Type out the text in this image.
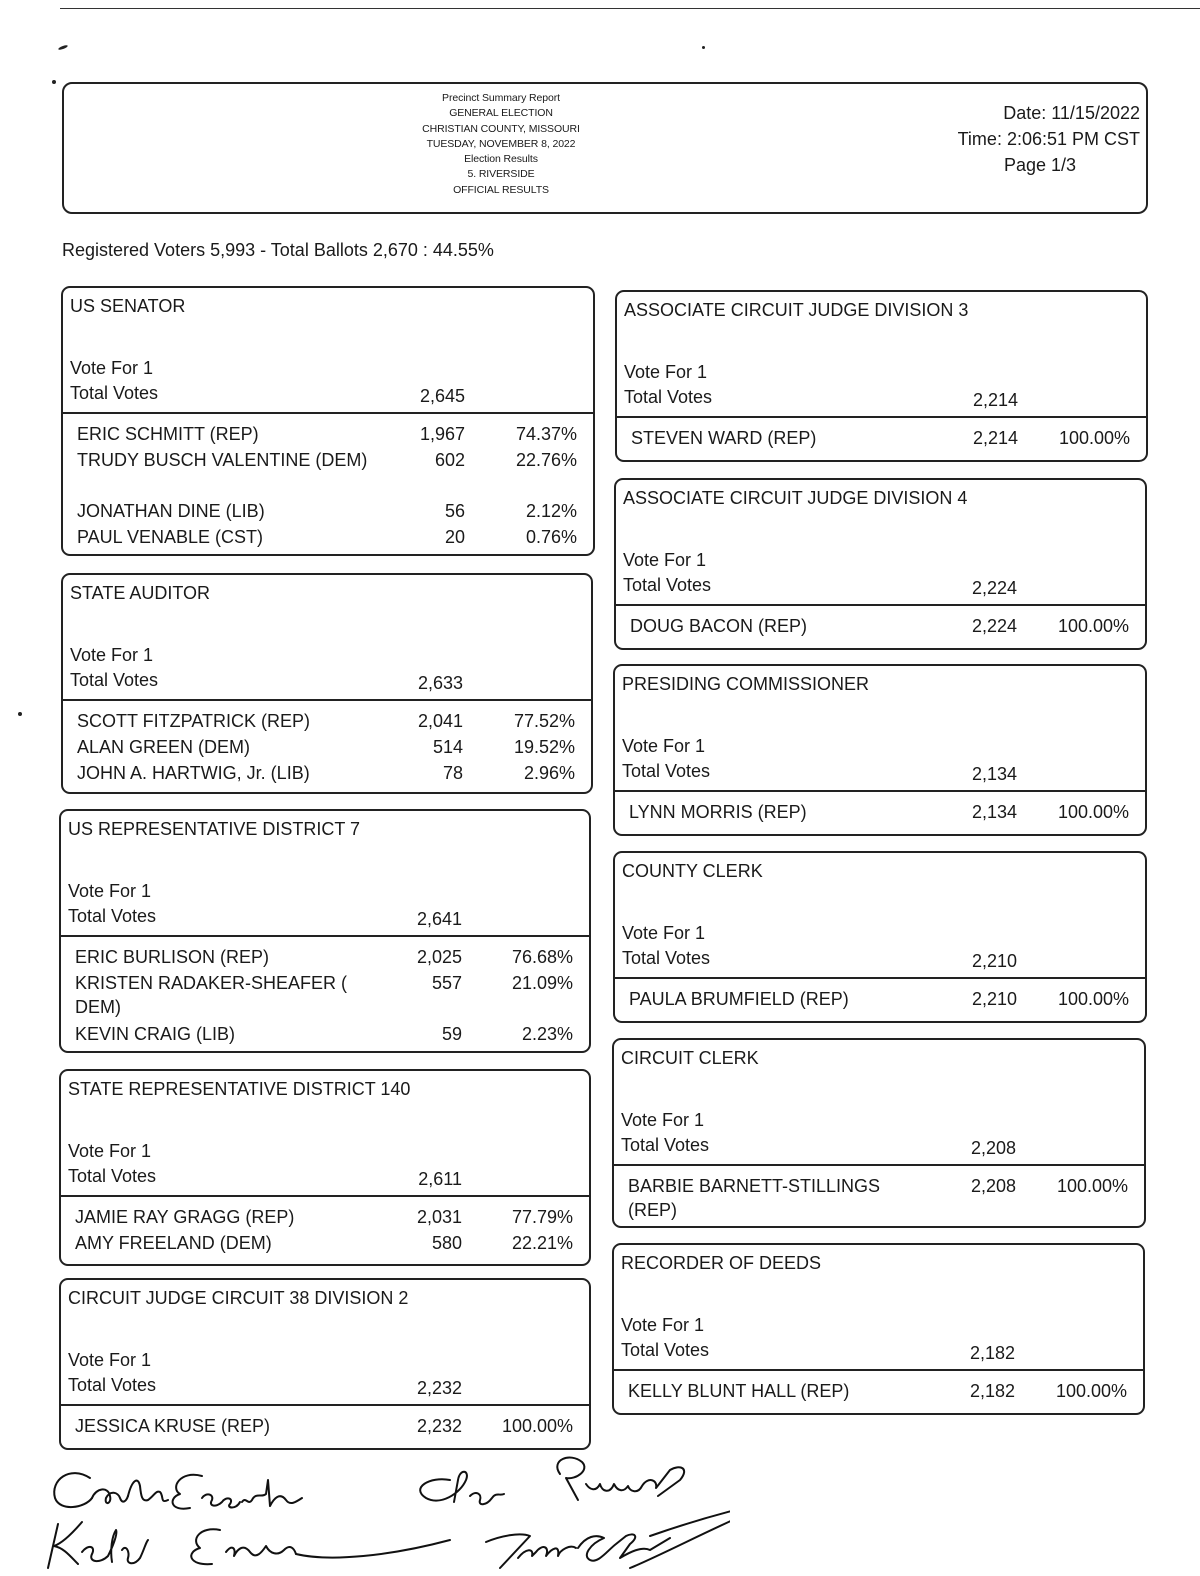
Precinct Summary Report
GENERAL ELECTION
CHRISTIAN COUNTY, MISSOURI
TUESDAY, NOVEMBER 8, 2022
Election Results
5. RIVERSIDE
OFFICIAL RESULTS
Date: 11/15/2022
Time: 2:06:51 PM CST
Page 1/3
Registered Voters 5,993 - Total Ballots 2,670 : 44.55%
US SENATOR
Vote For 1
Total Votes	2,645
ERIC SCHMITT (REP)	1,967	74.37%
TRUDY BUSCH VALENTINE (DEM)	602	22.76%
JONATHAN DINE (LIB)	56	2.12%
PAUL VENABLE (CST)	20	0.76%
STATE AUDITOR
Vote For 1
Total Votes	2,633
SCOTT FITZPATRICK (REP)	2,041	77.52%
ALAN GREEN (DEM)	514	19.52%
JOHN A. HARTWIG, Jr. (LIB)	78	2.96%
US REPRESENTATIVE DISTRICT 7
Vote For 1
Total Votes	2,641
ERIC BURLISON (REP)	2,025	76.68%
KRISTEN RADAKER-SHEAFER ( DEM)
557	21.09%
KEVIN CRAIG (LIB)	59	2.23%
STATE REPRESENTATIVE DISTRICT 140
Vote For 1
Total Votes	2,611
JAMIE RAY GRAGG (REP)	2,031	77.79%
AMY FREELAND (DEM)	580	22.21%
CIRCUIT JUDGE CIRCUIT 38 DIVISION 2
Vote For 1
Total Votes	2,232
JESSICA KRUSE (REP)	2,232	100.00%
ASSOCIATE CIRCUIT JUDGE DIVISION 3
Vote For 1
Total Votes	2,214
STEVEN WARD (REP)	2,214	100.00%
ASSOCIATE CIRCUIT JUDGE DIVISION 4
Vote For 1
Total Votes	2,224
DOUG BACON (REP)	2,224	100.00%
PRESIDING COMMISSIONER
Vote For 1
Total Votes	2,134
LYNN MORRIS (REP)	2,134	100.00%
COUNTY CLERK
Vote For 1
Total Votes	2,210
PAULA BRUMFIELD (REP)	2,210	100.00%
CIRCUIT CLERK
Vote For 1
Total Votes	2,208
BARBIE BARNETT-STILLINGS (REP)
2,208	100.00%
RECORDER OF DEEDS
Vote For 1
Total Votes	2,182
KELLY BLUNT HALL (REP)	2,182	100.00%
